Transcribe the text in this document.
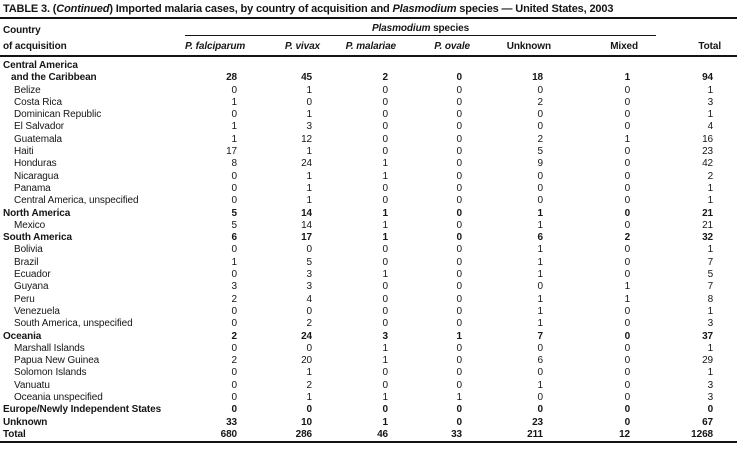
TABLE 3. (Continued) Imported malaria cases, by country of acquisition and Plasmodium species — United States, 2003
Country	Plasmodium species						
of acquisition	P. falciparum	P. vivax	P. malariae	P. ovale	Unknown	Mixed	Total
Central America							
and the Caribbean	28	45	2	0	18	1	94
Belize	0	1	0	0	0	0	1
Costa Rica	1	0	0	0	2	0	3
Dominican Republic	0	1	0	0	0	0	1
El Salvador	1	3	0	0	0	0	4
Guatemala	1	12	0	0	2	1	16
Haiti	17	1	0	0	5	0	23
Honduras	8	24	1	0	9	0	42
Nicaragua	0	1	1	0	0	0	2
Panama	0	1	0	0	0	0	1
Central America, unspecified	0	1	0	0	0	0	1
North America	5	14	1	0	1	0	21
Mexico	5	14	1	0	1	0	21
South America	6	17	1	0	6	2	32
Bolivia	0	0	0	0	1	0	1
Brazil	1	5	0	0	1	0	7
Ecuador	0	3	1	0	1	0	5
Guyana	3	3	0	0	0	1	7
Peru	2	4	0	0	1	1	8
Venezuela	0	0	0	0	1	0	1
South America, unspecified	0	2	0	0	1	0	3
Oceania	2	24	3	1	7	0	37
Marshall Islands	0	0	1	0	0	0	1
Papua New Guinea	2	20	1	0	6	0	29
Solomon Islands	0	1	0	0	0	0	1
Vanuatu	0	2	0	0	1	0	3
Oceania unspecified	0	1	1	1	0	0	3
Europe/Newly Independent States	0	0	0	0	0	0	0
Unknown	33	10	1	0	23	0	67
Total	680	286	46	33	211	12	1268
